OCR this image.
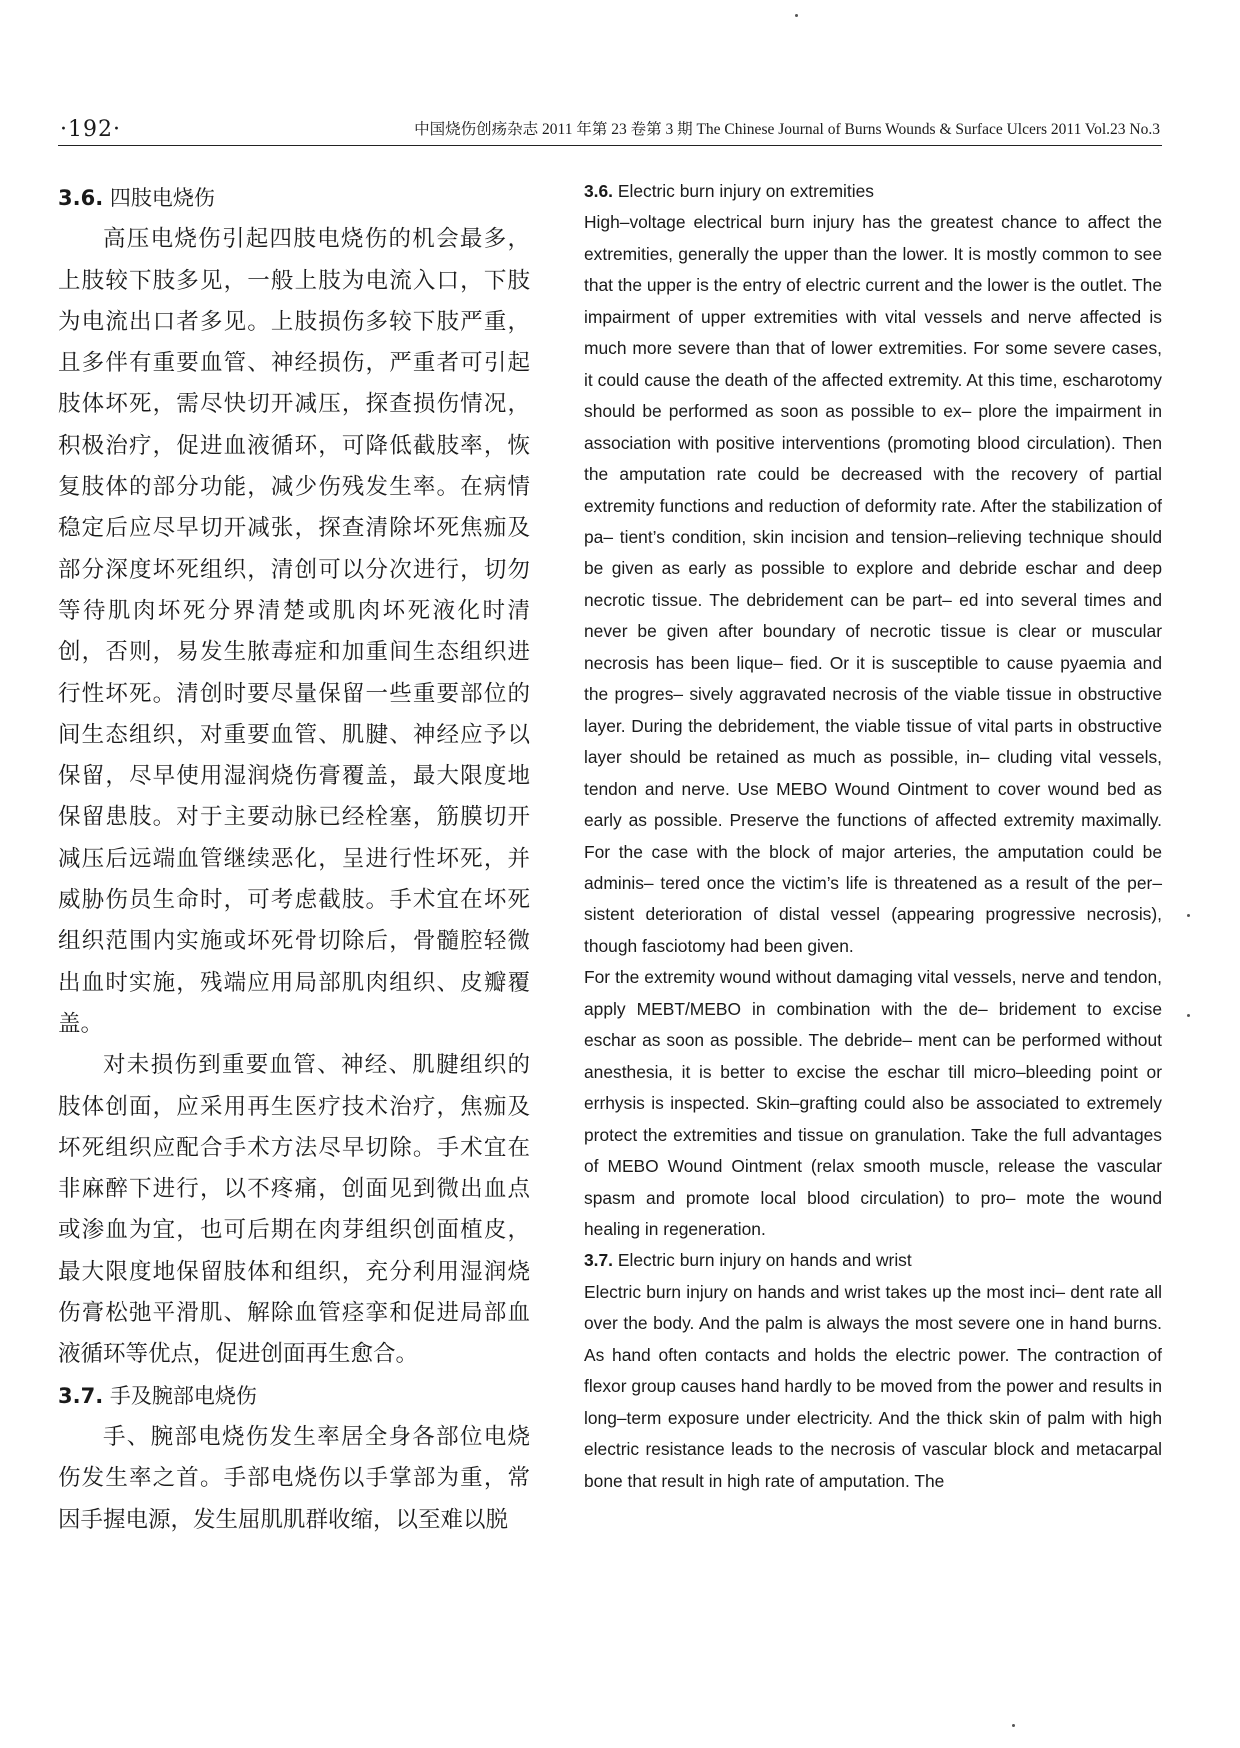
·192·	中国烧伤创疡杂志 2011 年第 23 卷第 3 期 The Chinese Journal of Burns Wounds & Surface Ulcers 2011 Vol.23 No.3
3.6. 四肢电烧伤

高压电烧伤引起四肢电烧伤的机会最多，上肢较下肢多见，一般上肢为电流入口，下肢为电流出口者多见。上肢损伤多较下肢严重，且多伴有重要血管、神经损伤，严重者可引起肢体坏死，需尽快切开减压，探查损伤情况，积极治疗，促进血液循环，可降低截肢率，恢复肢体的部分功能，减少伤残发生率。在病情稳定后应尽早切开减张，探查清除坏死焦痂及部分深度坏死组织，清创可以分次进行，切勿等待肌肉坏死分界清楚或肌肉坏死液化时清创，否则，易发生脓毒症和加重间生态组织进行性坏死。清创时要尽量保留一些重要部位的间生态组织，对重要血管、肌腱、神经应予以保留，尽早使用湿润烧伤膏覆盖，最大限度地保留患肢。对于主要动脉已经栓塞，筋膜切开减压后远端血管继续恶化，呈进行性坏死，并威胁伤员生命时，可考虑截肢。手术宜在坏死组织范围内实施或坏死骨切除后，骨髓腔轻微出血时实施，残端应用局部肌肉组织、皮瓣覆盖。

对未损伤到重要血管、神经、肌腱组织的肢体创面，应采用再生医疗技术治疗，焦痂及坏死组织应配合手术方法尽早切除。手术宜在非麻醉下进行，以不疼痛，创面见到微出血点或渗血为宜，也可后期在肉芽组织创面植皮，最大限度地保留肢体和组织，充分利用湿润烧伤膏松弛平滑肌、解除血管痉挛和促进局部血液循环等优点，促进创面再生愈合。

3.7. 手及腕部电烧伤

手、腕部电烧伤发生率居全身各部位电烧伤发生率之首。手部电烧伤以手掌部为重，常因手握电源，发生屈肌肌群收缩，以至难以脱

3.6. Electric burn injury on extremities

High–voltage electrical burn injury has the greatest chance to affect the extremities, generally the upper than the lower. It is mostly common to see that the upper is the entry of electric current and the lower is the outlet. The impairment of upper extremities with vital vessels and nerve affected is much more severe than that of lower extremities. For some severe cases, it could cause the death of the affected extremity. At this time, escharotomy should be performed as soon as possible to ex– plore the impairment in association with positive interventions (promoting blood circulation). Then the amputation rate could be decreased with the recovery of partial extremity functions and reduction of deformity rate. After the stabilization of pa– tient’s condition, skin incision and tension–relieving technique should be given as early as possible to explore and debride eschar and deep necrotic tissue. The debridement can be part– ed into several times and never be given after boundary of necrotic tissue is clear or muscular necrosis has been lique– fied. Or it is susceptible to cause pyaemia and the progres– sively aggravated necrosis of the viable tissue in obstructive layer. During the debridement, the viable tissue of vital parts in obstructive layer should be retained as much as possible, in– cluding vital vessels, tendon and nerve. Use MEBO Wound Ointment to cover wound bed as early as possible. Preserve the functions of affected extremity maximally. For the case with the block of major arteries, the amputation could be adminis– tered once the victim’s life is threatened as a result of the per– sistent deterioration of distal vessel (appearing progressive necrosis), though fasciotomy had been given.

For the extremity wound without damaging vital vessels, nerve and tendon, apply MEBT/MEBO in combination with the de– bridement to excise eschar as soon as possible. The debride– ment can be performed without anesthesia, it is better to excise the eschar till micro–bleeding point or errhysis is inspected. Skin–grafting could also be associated to extremely protect the extremities and tissue on granulation. Take the full advantages of MEBO Wound Ointment (relax smooth muscle, release the vascular spasm and promote local blood circulation) to pro– mote the wound healing in regeneration.

3.7. Electric burn injury on hands and wrist

Electric burn injury on hands and wrist takes up the most inci– dent rate all over the body. And the palm is always the most severe one in hand burns. As hand often contacts and holds the electric power. The contraction of flexor group causes hand hardly to be moved from the power and results in long–term exposure under electricity. And the thick skin of palm with high electric resistance leads to the necrosis of vascular block and metacarpal bone that result in high rate of amputation. The
